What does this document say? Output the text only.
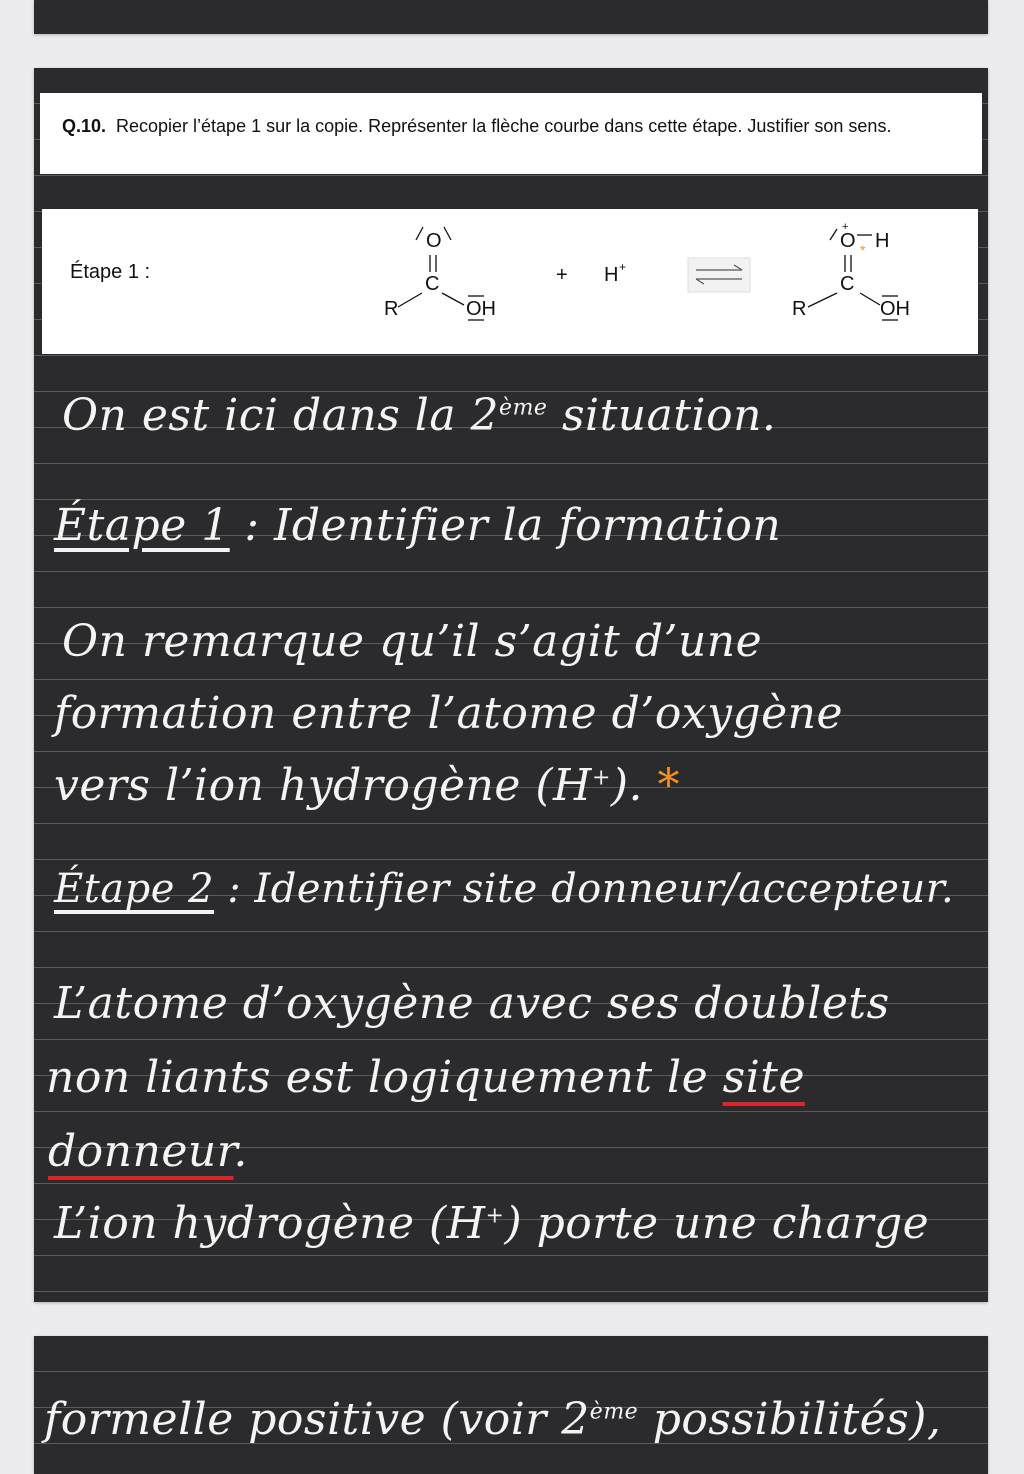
Q.10. Recopier l’étape 1 sur la copie. Représenter la flèche courbe dans cette étape. Justifier son sens.
Étape 1 :
R
C
O
OH
+ H +
R
C
O
+
H
*
OH
On est ici dans la 2ème situation.
Étape 1 : Identifier la formation
On remarque qu’il s’agit d’une
formation entre l’atome d’oxygène
vers l’ion hydrogène (H+). *
Étape 2 : Identifier site donneur/accepteur.
L’atome d’oxygène avec ses doublets
non liants est logiquement le site
donneur.
L’ion hydrogène (H+) porte une charge
formelle positive (voir 2ème possibilités),
